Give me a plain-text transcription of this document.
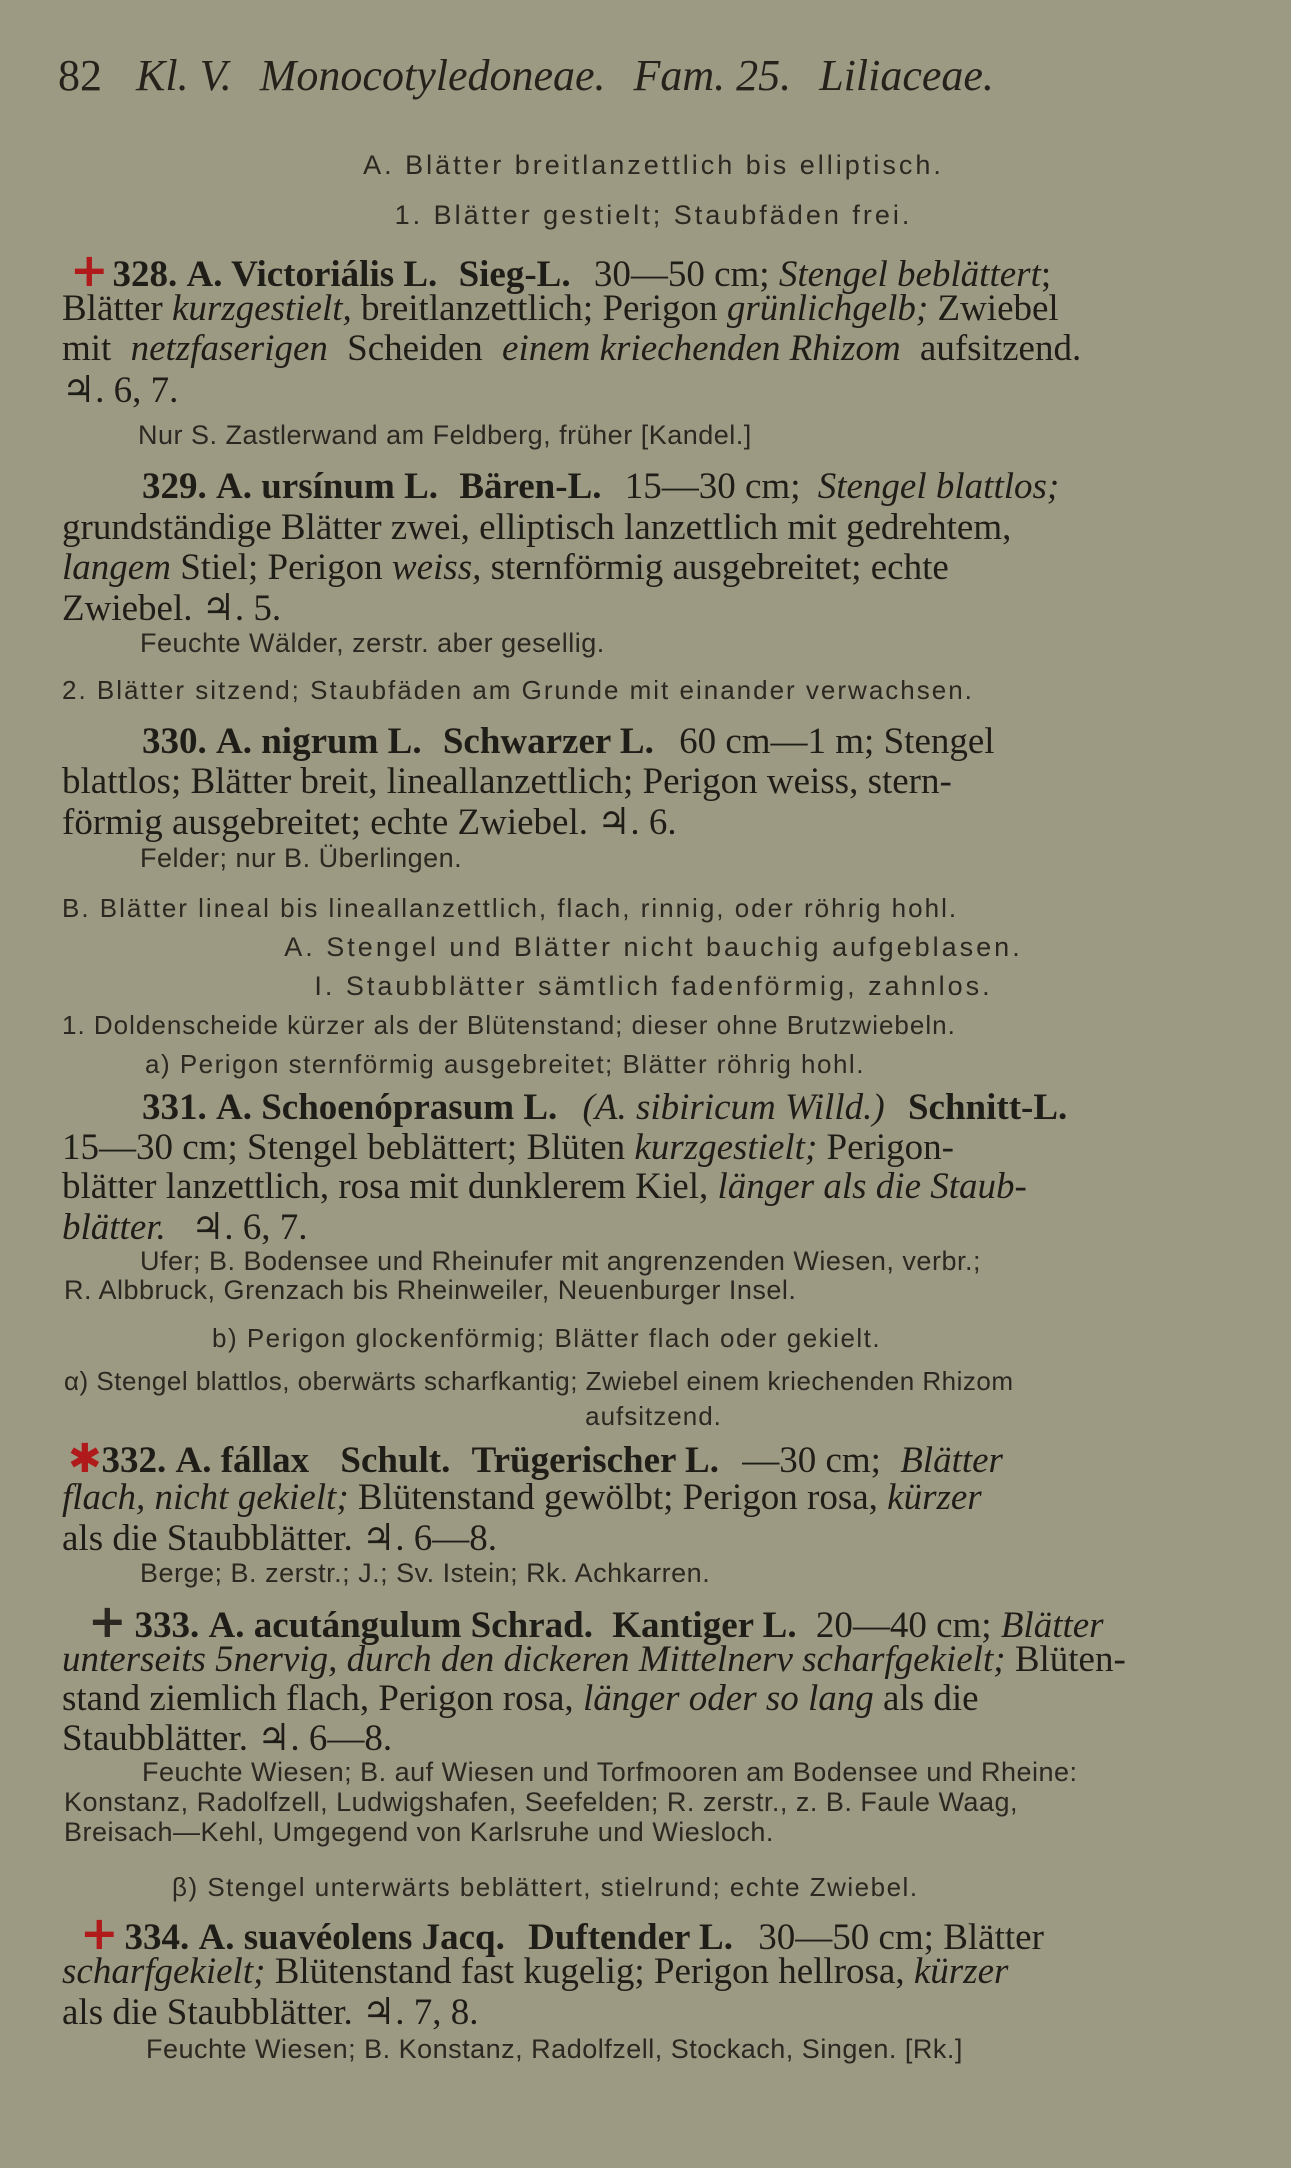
82 Kl. V. Monocotyledoneae. Fam. 25. Liliaceae.
A. Blätter breitlanzettlich bis elliptisch.
1. Blätter gestielt; Staubfäden frei.
+ 328. A. Victoriális L. Sieg-L. 30—50 cm; Stengel beblättert;
Blätter kurzgestielt, breitlanzettlich; Perigon grünlichgelb; Zwiebel
mit netzfaserigen Scheiden einem kriechenden Rhizom aufsitzend.
♃. 6, 7.
Nur S. Zastlerwand am Feldberg, früher [Kandel.]
329. A. ursínum L. Bären-L. 15—30 cm; Stengel blattlos;
grundständige Blätter zwei, elliptisch lanzettlich mit gedrehtem,
langem Stiel; Perigon weiss, sternförmig ausgebreitet; echte
Zwiebel. ♃. 5.
Feuchte Wälder, zerstr. aber gesellig.
2. Blätter sitzend; Staubfäden am Grunde mit einander verwachsen.
330. A. nigrum L. Schwarzer L. 60 cm—1 m; Stengel
blattlos; Blätter breit, lineallanzettlich; Perigon weiss, stern-
förmig ausgebreitet; echte Zwiebel. ♃. 6.
Felder; nur B. Überlingen.
B. Blätter lineal bis lineallanzettlich, flach, rinnig, oder röhrig hohl.
A. Stengel und Blätter nicht bauchig aufgeblasen.
I. Staubblätter sämtlich fadenförmig, zahnlos.
1. Doldenscheide kürzer als der Blütenstand; dieser ohne Brutzwiebeln.
a) Perigon sternförmig ausgebreitet; Blätter röhrig hohl.
331. A. Schoenóprasum L. (A. sibiricum Willd.) Schnitt-L.
15—30 cm; Stengel beblättert; Blüten kurzgestielt; Perigon-
blätter lanzettlich, rosa mit dunklerem Kiel, länger als die Staub-
blätter. ♃. 6, 7.
Ufer; B. Bodensee und Rheinufer mit angrenzenden Wiesen, verbr.;
R. Albbruck, Grenzach bis Rheinweiler, Neuenburger Insel.
b) Perigon glockenförmig; Blätter flach oder gekielt.
α) Stengel blattlos, oberwärts scharfkantig; Zwiebel einem kriechenden Rhizom
aufsitzend.
✱332. A. fállax Schult. Trügerischer L. —30 cm; Blätter
flach, nicht gekielt; Blütenstand gewölbt; Perigon rosa, kürzer
als die Staubblätter. ♃. 6—8.
Berge; B. zerstr.; J.; Sv. Istein; Rk. Achkarren.
+ 333. A. acutángulum Schrad. Kantiger L. 20—40 cm; Blätter
unterseits 5nervig, durch den dickeren Mittelnerv scharfgekielt; Blüten-
stand ziemlich flach, Perigon rosa, länger oder so lang als die
Staubblätter. ♃. 6—8.
Feuchte Wiesen; B. auf Wiesen und Torfmooren am Bodensee und Rheine:
Konstanz, Radolfzell, Ludwigshafen, Seefelden; R. zerstr., z. B. Faule Waag,
Breisach—Kehl, Umgegend von Karlsruhe und Wiesloch.
β) Stengel unterwärts beblättert, stielrund; echte Zwiebel.
+ 334. A. suavéolens Jacq. Duftender L. 30—50 cm; Blätter
scharfgekielt; Blütenstand fast kugelig; Perigon hellrosa, kürzer
als die Staubblätter. ♃. 7, 8.
Feuchte Wiesen; B. Konstanz, Radolfzell, Stockach, Singen. [Rk.]
